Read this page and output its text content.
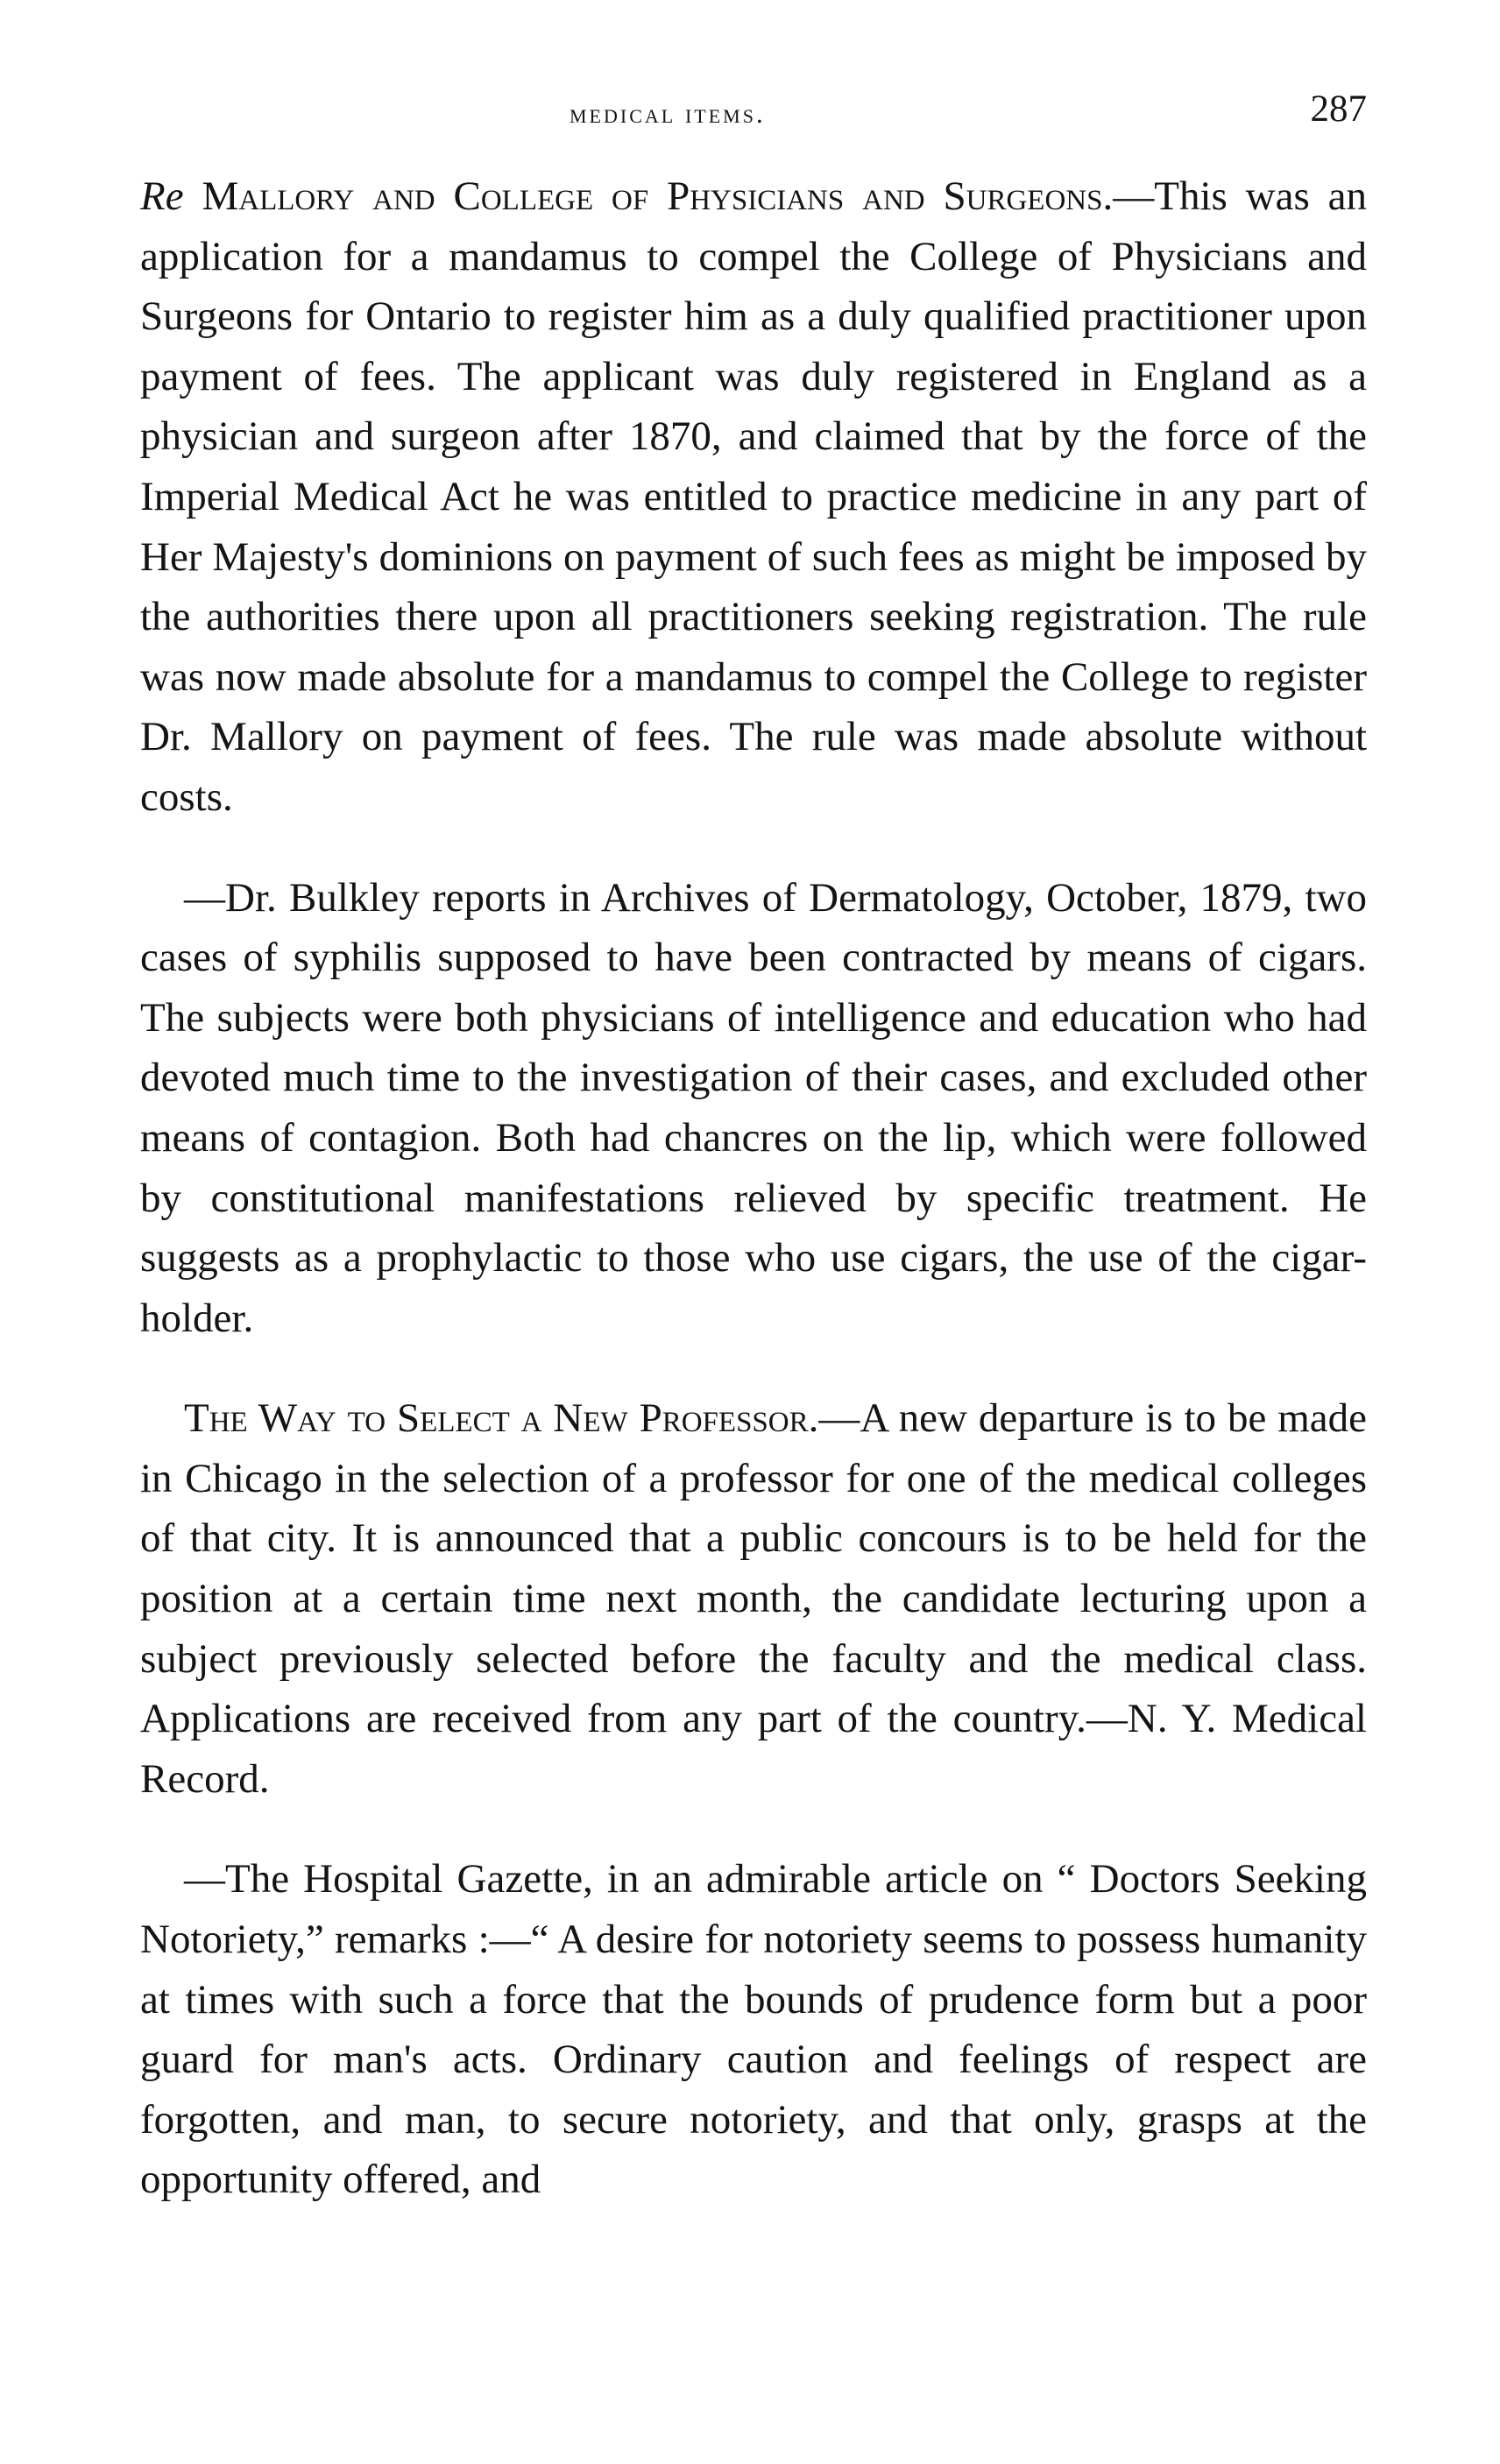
medical items.	287

Re Mallory and College of Physicians and Surgeons.—This was an application for a mandamus to compel the College of Physicians and Surgeons for Ontario to register him as a duly qualified practitioner upon payment of fees. The applicant was duly registered in England as a physician and surgeon after 1870, and claimed that by the force of the Imperial Medical Act he was entitled to practice medicine in any part of Her Majesty's dominions on payment of such fees as might be imposed by the authorities there upon all practitioners seeking registration. The rule was now made absolute for a mandamus to compel the College to register Dr. Mallory on payment of fees. The rule was made absolute without costs.

—Dr. Bulkley reports in Archives of Dermatology, October, 1879, two cases of syphilis supposed to have been contracted by means of cigars. The subjects were both physicians of intelligence and education who had devoted much time to the investigation of their cases, and excluded other means of contagion. Both had chancres on the lip, which were followed by constitutional manifestations relieved by specific treatment. He suggests as a prophylactic to those who use cigars, the use of the cigar-holder.

The Way to Select a New Professor.—A new departure is to be made in Chicago in the selection of a professor for one of the medical colleges of that city. It is announced that a public concours is to be held for the position at a certain time next month, the candidate lecturing upon a subject previously selected before the faculty and the medical class. Applications are received from any part of the country.—N. Y. Medical Record.

—The Hospital Gazette, in an admirable article on “ Doctors Seeking Notoriety,” remarks :—“ A desire for notoriety seems to possess humanity at times with such a force that the bounds of prudence form but a poor guard for man's acts. Ordinary caution and feelings of respect are forgotten, and man, to secure notoriety, and that only, grasps at the opportunity offered, and
